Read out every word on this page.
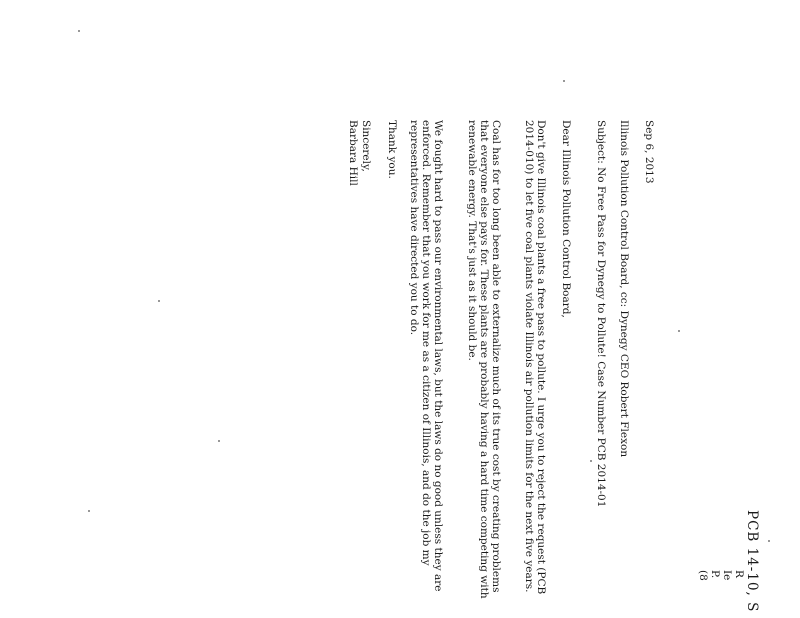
PCB 14-10, S
R
Ie
P.
(8
Sep 6, 2013
Illinois Pollution Control Board, cc: Dynegy CEO Robert Flexon
Subject: No Free Pass for Dynegy to Pollute! Case Number PCB 2014-01
Dear Illinois Pollution Control Board,

Don't give Illinois coal plants a free pass to pollute. I urge you to reject the request (PCB 2014-010) to let five coal plants violate Illinois air pollution limits for the next five years.

Coal has for too long been able to externalize much of its true cost by creating problems that everyone else pays for. These plants are probably having a hard time competing with renewable energy. That's just as it should be.

We fought hard to pass our environmental laws, but the laws do no good unless they are enforced. Remember that you work for me as a citizen of Illinois, and do the job my representatives have directed you to do.

Thank you.
Sincerely,
Barbara Hill
